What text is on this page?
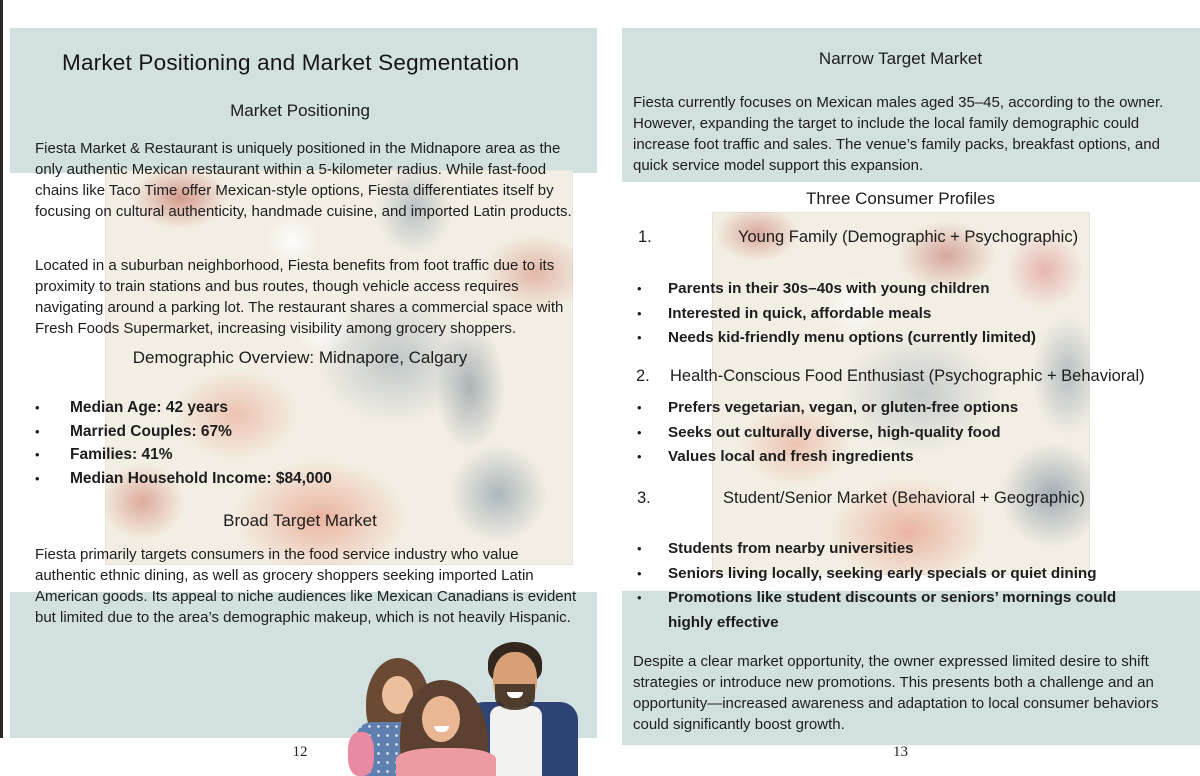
Market Positioning and Market Segmentation
Market Positioning
Fiesta Market & Restaurant is uniquely positioned in the Midnapore area as the only authentic Mexican restaurant within a 5-kilometer radius. While fast-food chains like Taco Time offer Mexican-style options, Fiesta differentiates itself by focusing on cultural authenticity, handmade cuisine, and imported Latin products.
Located in a suburban neighborhood, Fiesta benefits from foot traffic due to its proximity to train stations and bus routes, though vehicle access requires navigating around a parking lot. The restaurant shares a commercial space with Fresh Foods Supermarket, increasing visibility among grocery shoppers.
Demographic Overview: Midnapore, Calgary
•
Median Age: 42 years
•
Married Couples: 67%
•
Families: 41%
•
Median Household Income: $84,000
Broad Target Market
Fiesta primarily targets consumers in the food service industry who value authentic ethnic dining, as well as grocery shoppers seeking imported Latin American goods. Its appeal to niche audiences like Mexican Canadians is evident but limited due to the area’s demographic makeup, which is not heavily Hispanic.
12
Narrow Target Market
Fiesta currently focuses on Mexican males aged 35–45, according to the owner. However, expanding the target to include the local family demographic could increase foot traffic and sales. The venue’s family packs, breakfast options, and quick service model support this expansion.
Three Consumer Profiles
1.	Young Family (Demographic + Psychographic)
•
Parents in their 30s–40s with young children
•
Interested in quick, affordable meals
•
Needs kid-friendly menu options (currently limited)
2. Health-Conscious Food Enthusiast (Psychographic + Behavioral)
•
Prefers vegetarian, vegan, or gluten-free options
•
Seeks out culturally diverse, high-quality food
•
Values local and fresh ingredients
3.	Student/Senior Market (Behavioral + Geographic)
•
Students from nearby universities
•
Seniors living locally, seeking early specials or quiet dining
•
Promotions like student discounts or seniors’ mornings could highly effective
Despite a clear market opportunity, the owner expressed limited desire to shift strategies or introduce new promotions. This presents both a challenge and an opportunity—increased awareness and adaptation to local consumer behaviors could significantly boost growth.
13
